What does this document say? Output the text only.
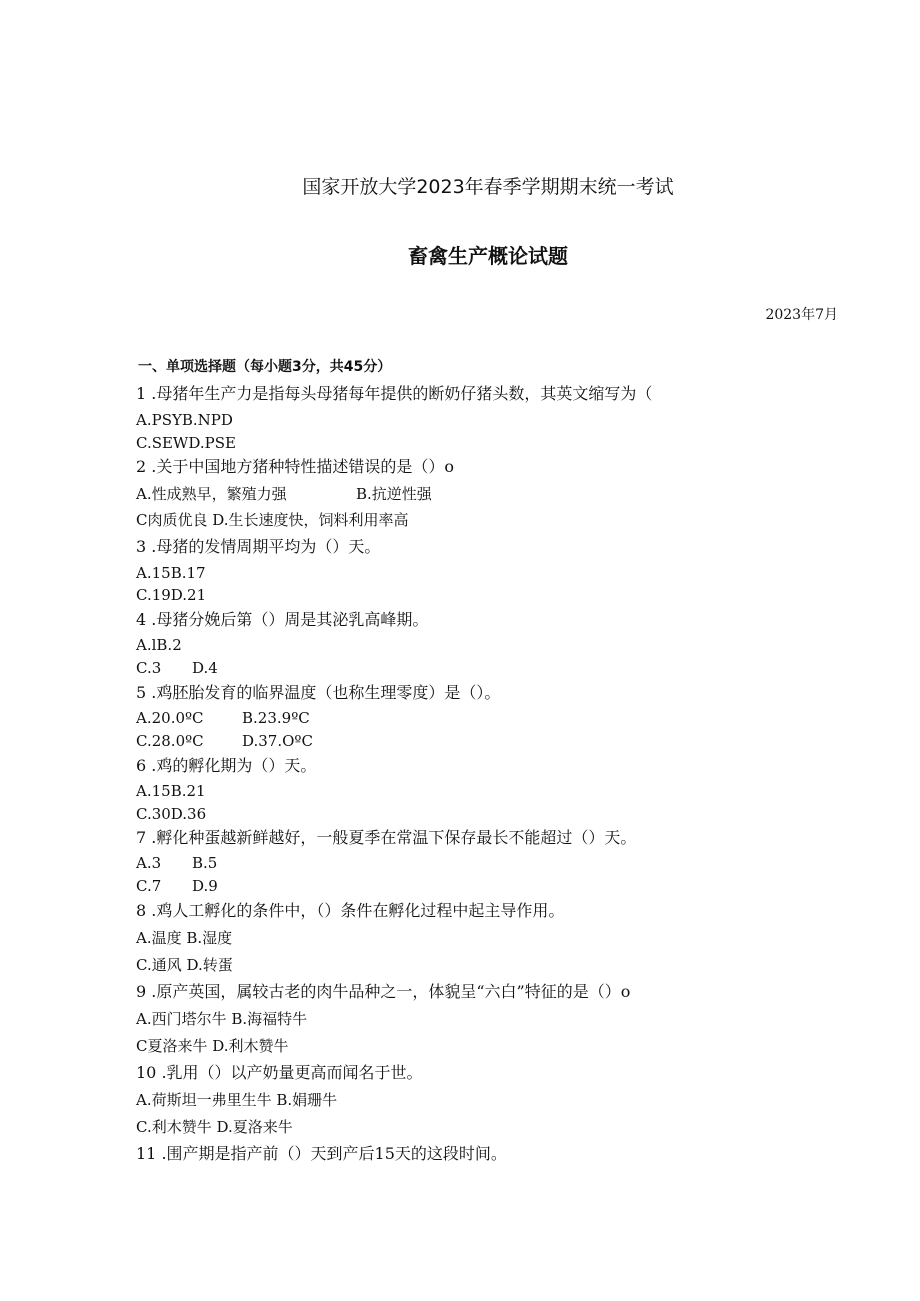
国家开放大学2023年春季学期期末统一考试
畜禽生产概论试题
2023年7月
一、单项选择题（每小题3分，共45分）
1 .母猪年生产力是指每头母猪每年提供的断奶仔猪头数，其英文缩写为（
A.PSYB.NPD
C.SEWD.PSE
2 .关于中国地方猪种特性描述错误的是（）o
A.性成熟早，繁殖力强	B.抗逆性强
C肉质优良 D.生长速度快，饲料利用率高
3 .母猪的发情周期平均为（）天。
A.15B.17
C.19D.21
4 .母猪分娩后第（）周是其泌乳高峰期。
A.lB.2
C.3 D.4
5 .鸡胚胎发育的临界温度（也称生理零度）是（）。
A.20.0ºC	B.23.9ºC
C.28.0ºC	D.37.OºC
6 .鸡的孵化期为（）天。
A.15B.21
C.30D.36
7 .孵化种蛋越新鲜越好，一般夏季在常温下保存最长不能超过（）天。
A.3 B.5
C.7 D.9
8 .鸡人工孵化的条件中，（）条件在孵化过程中起主导作用。
A.温度 B.湿度
C.通风 D.转蛋
9 .原产英国，属较古老的肉牛品种之一，体貌呈“六白”特征的是（）o
A.西门塔尔牛 B.海福特牛
C夏洛来牛 D.利木赞牛
10 .乳用（）以产奶量更高而闻名于世。
A.荷斯坦一弗里生牛 B.娟珊牛
C.利木赞牛 D.夏洛来牛
11 .围产期是指产前（）天到产后15天的这段时间。
